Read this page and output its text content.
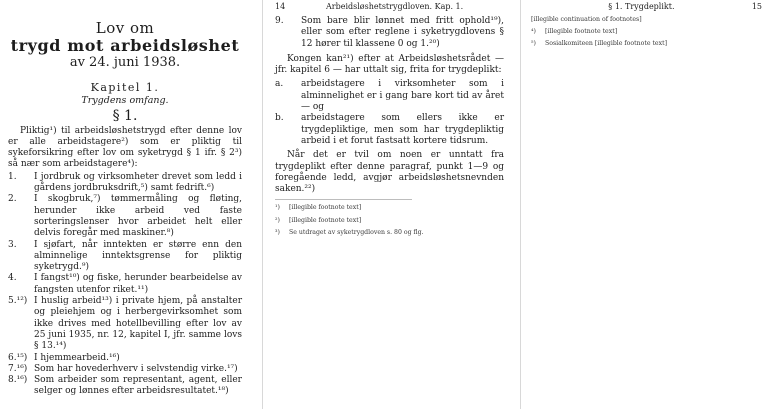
Lov om
trygd mot arbeidsløshet
av 24. juni 1938.
Kapitel 1.
Trygdens omfang.
§ 1.

Pliktig¹) til arbeidsløshetstrygd efter denne lov er alle arbeidstagere²) som er pliktig til sykeforsikring efter lov om syketrygd § 1 ifr. § 2³) så nær som arbeidstagere⁴):

1.	I jordbruk og virksomheter drevet som ledd i gårdens jordbruksdrift,⁵) samt fedrift.⁶)
2.	I skogbruk,⁷) tømmermåling og fløting, herunder ikke arbeid ved faste sorteringslenser hvor arbeidet helt eller delvis foregår med maskiner.⁸)
3.	I sjøfart, når inntekten er større enn den alminnelige inntektsgrense for pliktig syketrygd.⁹)
4.	I fangst¹⁰) og fiske, herunder bearbeidelse av fangsten utenfor riket.¹¹)
5.¹²) I huslig arbeid¹³) i private hjem, på anstalter og pleiehjem og i herbergevirksomhet som ikke drives med hotellbevilling efter lov av 25 juni 1935, nr. 12, kapitel I, jfr. samme lovs § 13.¹⁴)
6.¹⁵) I hjemmearbeid.¹⁶)
7.¹⁶) Som har hovederhverv i selvstendig virke.¹⁷)
8.¹⁶) Som arbeider som representant, agent, eller selger og lønnes efter arbeidsresultatet.¹⁸)
14	Arbeidsløshetstrygdloven. Kap. 1.
9.	Som bare blir lønnet med fritt ophold¹⁹), eller som efter reglene i syketrygdlovens § 12 hører til klassene 0 og 1.²⁰)

Kongen kan²¹) efter at Arbeidsløshetsrådet — jfr. kapitel 6 — har uttalt sig, frita for trygdeplikt:

a.	arbeidstagere i virksomheter som i alminnelighet er i gang bare kort tid av året — og
b.	arbeidstagere som ellers ikke er trygdepliktige, men som har trygdepliktig arbeid i et forut fastsatt kortere tidsrum.

Når det er tvil om noen er unntatt fra trygdeplikt efter denne paragraf, punkt 1—9 og foregående ledd, avgjør arbeidsløshetsnevnden saken.²²)

¹)	[illegible footnote text]
²)	[illegible footnote text]
³)	Se utdraget av syketrygdloven s. 80 og flg.
§ 1. Trygdeplikt.	15

[illegible continuation of footnotes]

⁴)	[illegible footnote text]
⁵)	Sosialkomiteen [illegible footnote text]
